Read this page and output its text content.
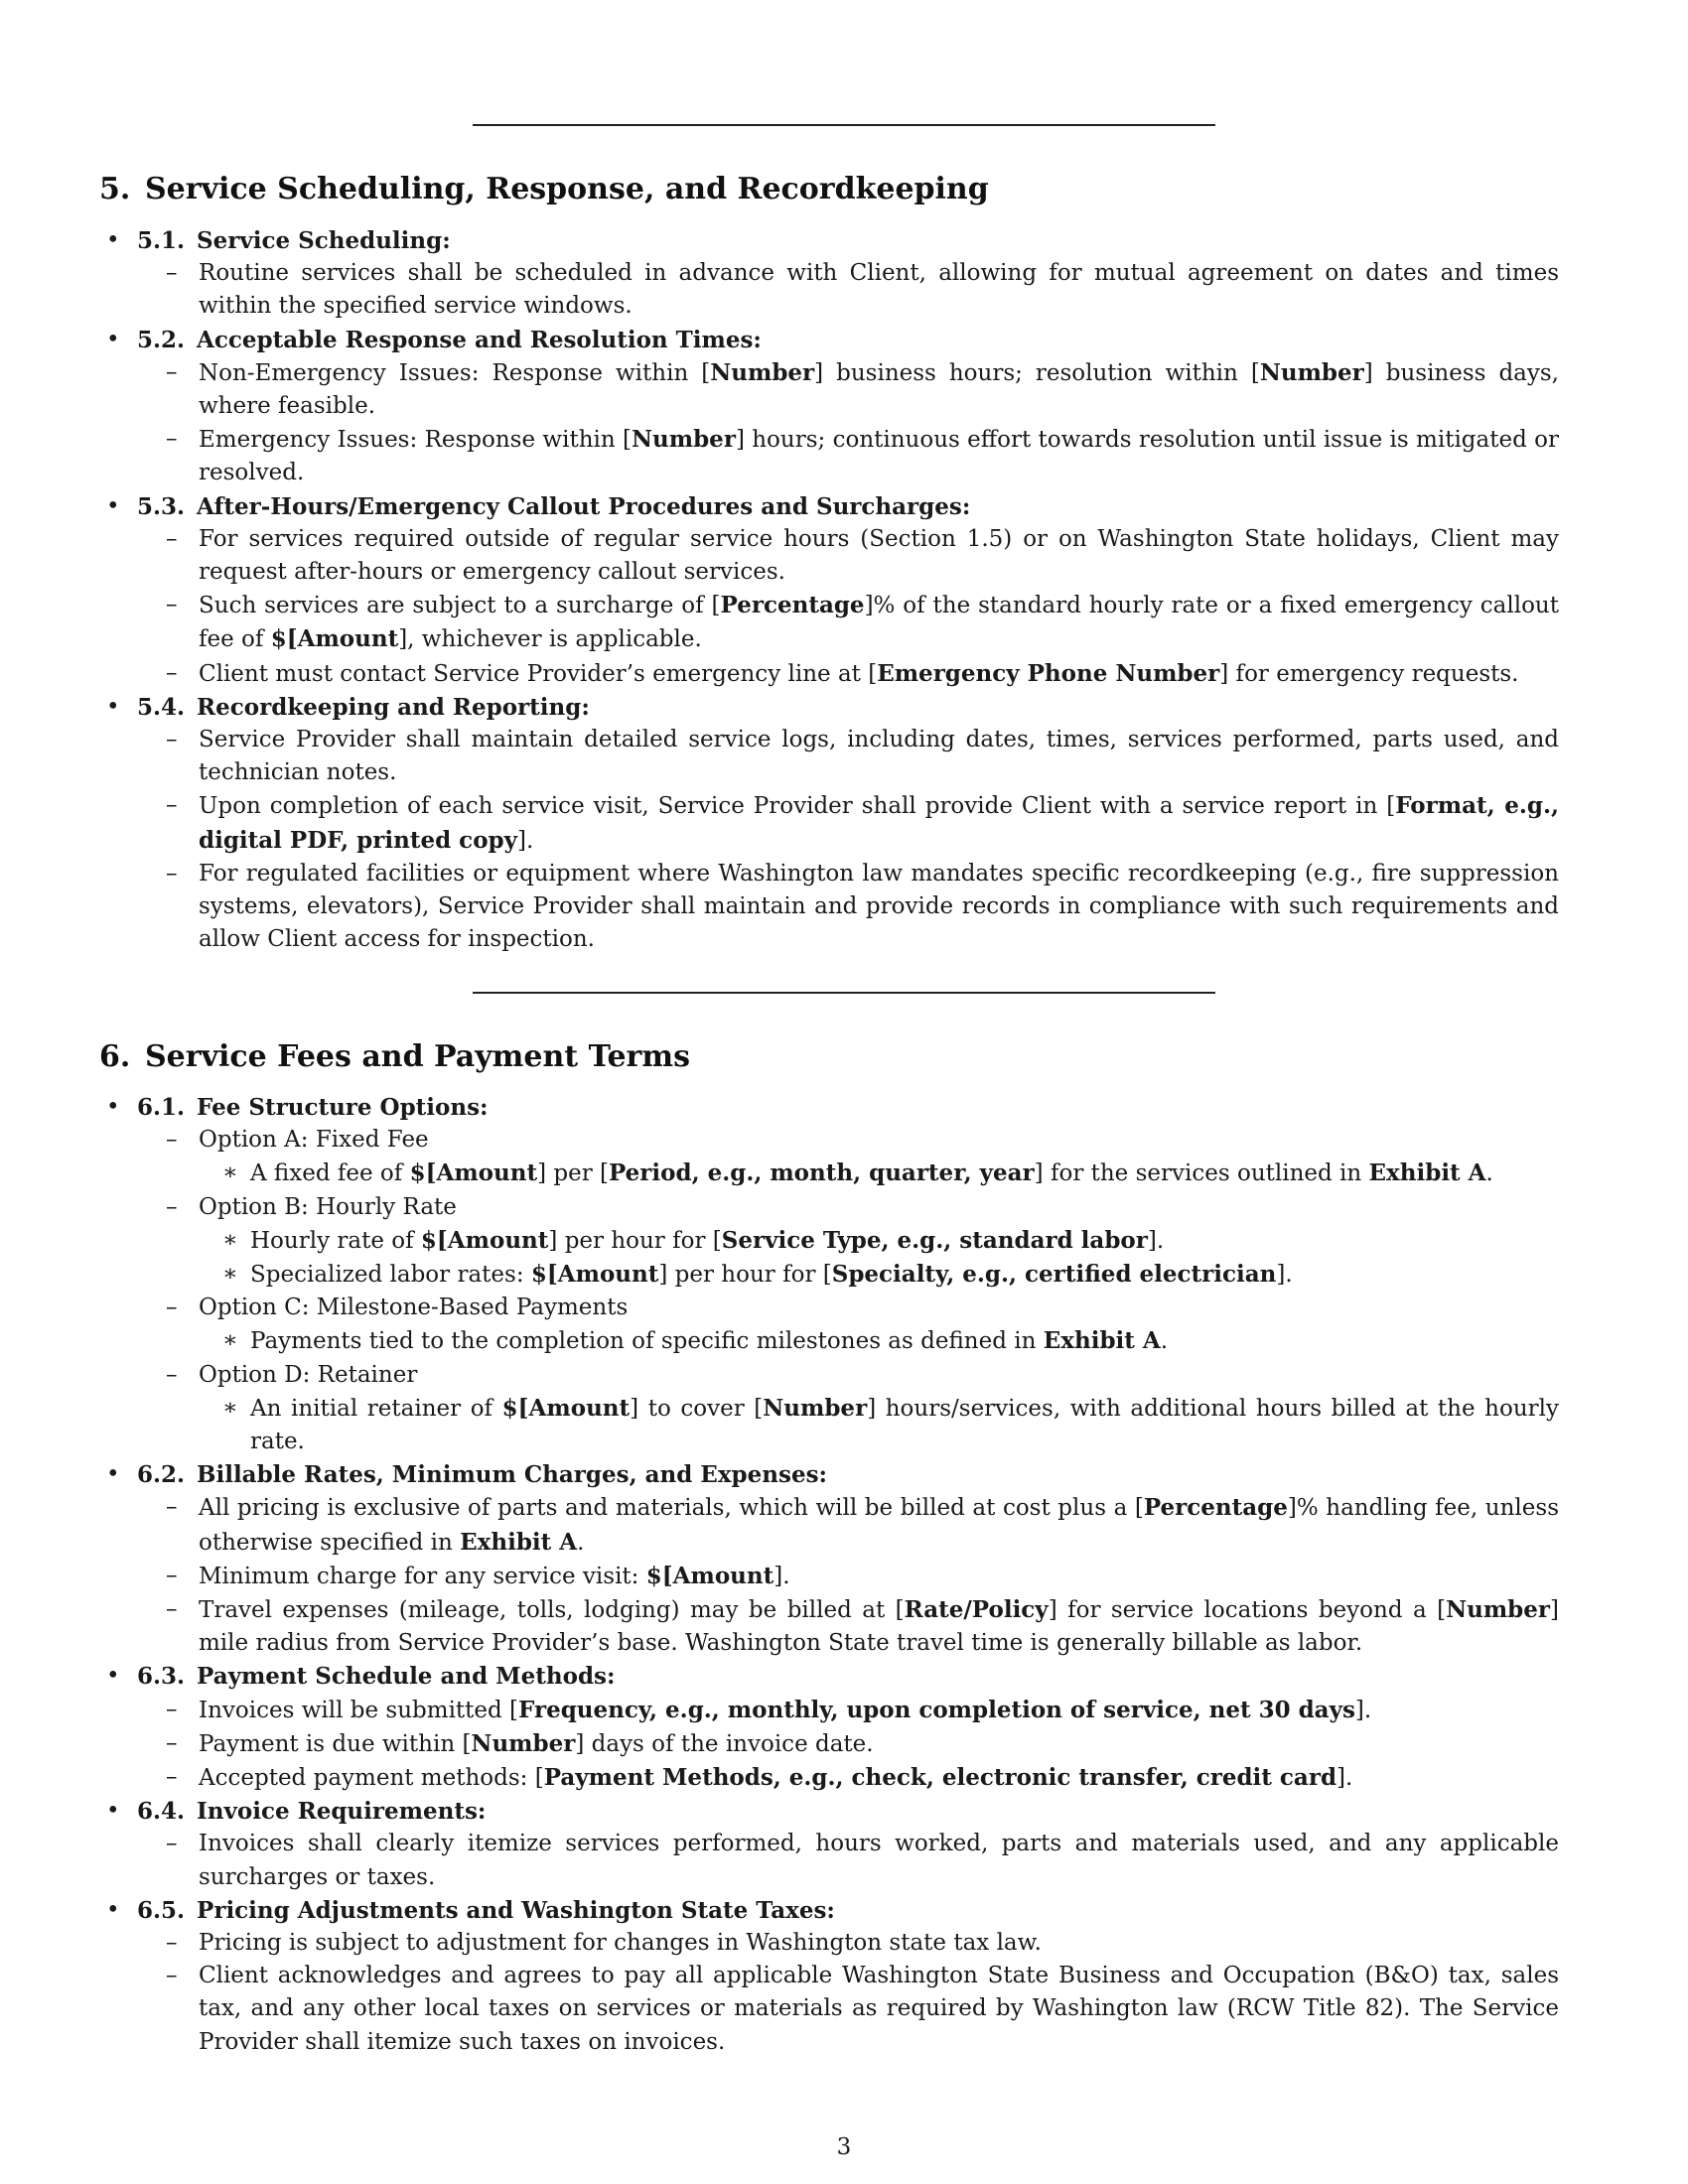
5. Service Scheduling, Response, and Recordkeeping
• 5.1. Service Scheduling:
– Routine services shall be scheduled in advance with Client, allowing for mutual agreement on dates and times within the specified service windows.
• 5.2. Acceptable Response and Resolution Times:
– Non-Emergency Issues: Response within [Number] business hours; resolution within [Number] business days, where feasible.
– Emergency Issues: Response within [Number] hours; continuous effort towards resolution until issue is mitigated or resolved.
• 5.3. After-Hours/Emergency Callout Procedures and Surcharges:
– For services required outside of regular service hours (Section 1.5) or on Washington State holidays, Client may request after-hours or emergency callout services.
– Such services are subject to a surcharge of [Percentage]% of the standard hourly rate or a fixed emergency callout fee of $[Amount], whichever is applicable.
– Client must contact Service Provider’s emergency line at [Emergency Phone Number] for emergency requests.
• 5.4. Recordkeeping and Reporting:
– Service Provider shall maintain detailed service logs, including dates, times, services performed, parts used, and technician notes.
– Upon completion of each service visit, Service Provider shall provide Client with a service report in [Format, e.g., digital PDF, printed copy].
– For regulated facilities or equipment where Washington law mandates specific recordkeeping (e.g., fire suppression systems, elevators), Service Provider shall maintain and provide records in compliance with such requirements and allow Client access for inspection.
6. Service Fees and Payment Terms
• 6.1. Fee Structure Options:
– Option A: Fixed Fee
∗ A fixed fee of $[Amount] per [Period, e.g., month, quarter, year] for the services outlined in Exhibit A.
– Option B: Hourly Rate
∗ Hourly rate of $[Amount] per hour for [Service Type, e.g., standard labor].
∗ Specialized labor rates: $[Amount] per hour for [Specialty, e.g., certified electrician].
– Option C: Milestone-Based Payments
∗ Payments tied to the completion of specific milestones as defined in Exhibit A.
– Option D: Retainer
∗ An initial retainer of $[Amount] to cover [Number] hours/services, with additional hours billed at the hourly rate.
• 6.2. Billable Rates, Minimum Charges, and Expenses:
– All pricing is exclusive of parts and materials, which will be billed at cost plus a [Percentage]% handling fee, unless otherwise specified in Exhibit A.
– Minimum charge for any service visit: $[Amount].
– Travel expenses (mileage, tolls, lodging) may be billed at [Rate/Policy] for service locations beyond a [Number] mile radius from Service Provider’s base. Washington State travel time is generally billable as labor.
• 6.3. Payment Schedule and Methods:
– Invoices will be submitted [Frequency, e.g., monthly, upon completion of service, net 30 days].
– Payment is due within [Number] days of the invoice date.
– Accepted payment methods: [Payment Methods, e.g., check, electronic transfer, credit card].
• 6.4. Invoice Requirements:
– Invoices shall clearly itemize services performed, hours worked, parts and materials used, and any applicable surcharges or taxes.
• 6.5. Pricing Adjustments and Washington State Taxes:
– Pricing is subject to adjustment for changes in Washington state tax law.
– Client acknowledges and agrees to pay all applicable Washington State Business and Occupation (B&O) tax, sales tax, and any other local taxes on services or materials as required by Washington law (RCW Title 82). The Service Provider shall itemize such taxes on invoices.
3
